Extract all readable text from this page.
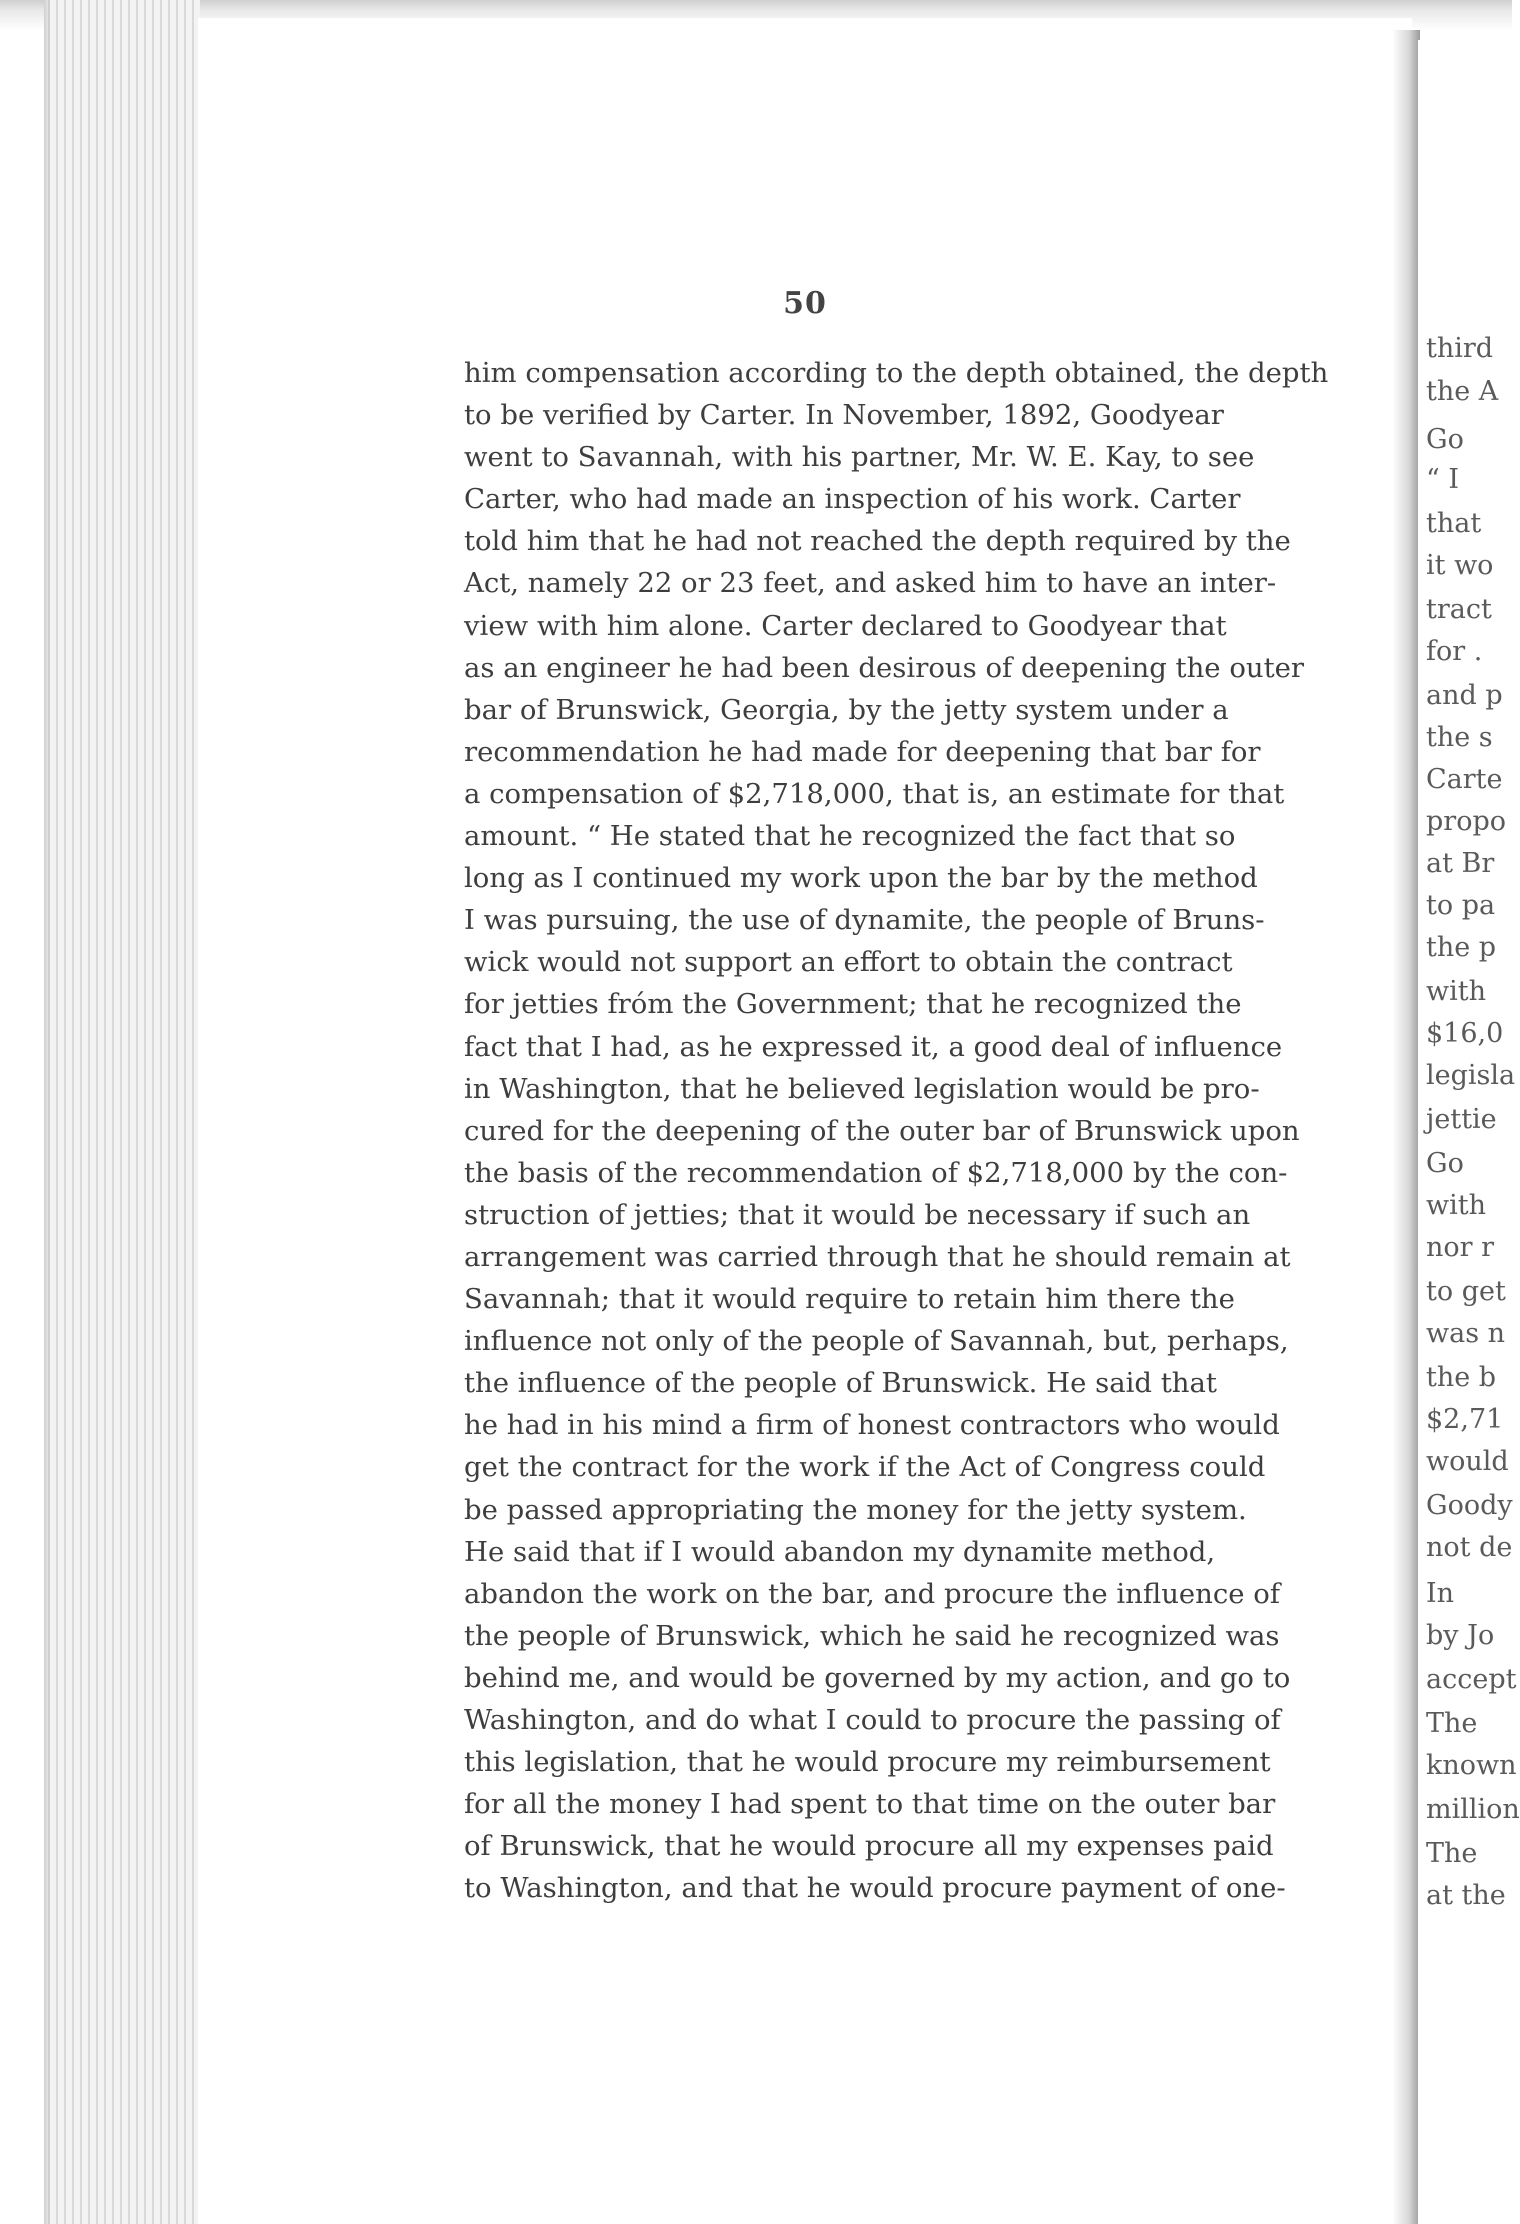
50
him compensation according to the depth obtained, the depth
to be verified by Carter. In November, 1892, Goodyear
went to Savannah, with his partner, Mr. W. E. Kay, to see
Carter, who had made an inspection of his work. Carter
told him that he had not reached the depth required by the
Act, namely 22 or 23 feet, and asked him to have an inter-
view with him alone. Carter declared to Goodyear that
as an engineer he had been desirous of deepening the outer
bar of Brunswick, Georgia, by the jetty system under a
recommendation he had made for deepening that bar for
a compensation of $2,718,000, that is, an estimate for that
amount. “ He stated that he recognized the fact that so
long as I continued my work upon the bar by the method
I was pursuing, the use of dynamite, the people of Bruns-
wick would not support an effort to obtain the contract
for jetties fróm the Government; that he recognized the
fact that I had, as he expressed it, a good deal of influence
in Washington, that he believed legislation would be pro-
cured for the deepening of the outer bar of Brunswick upon
the basis of the recommendation of $2,718,000 by the con-
struction of jetties; that it would be necessary if such an
arrangement was carried through that he should remain at
Savannah; that it would require to retain him there the
influence not only of the people of Savannah, but, perhaps,
the influence of the people of Brunswick. He said that
he had in his mind a firm of honest contractors who would
get the contract for the work if the Act of Congress could
be passed appropriating the money for the jetty system.
He said that if I would abandon my dynamite method,
abandon the work on the bar, and procure the influence of
the people of Brunswick, which he said he recognized was
behind me, and would be governed by my action, and go to
Washington, and do what I could to procure the passing of
this legislation, that he would procure my reimbursement
for all the money I had spent to that time on the outer bar
of Brunswick, that he would procure all my expenses paid
to Washington, and that he would procure payment of one-
third
the A
Go
“ I
that
it wo
tract
for .
and p
the s
Carte
propo
at Br
to pa
the p
with
$16,0
legisla
jettie
Go
with
nor r
to get
was n
the b
$2,71
would
Goody
not de
In
by Jo
accept
The
known
million
The
at the
